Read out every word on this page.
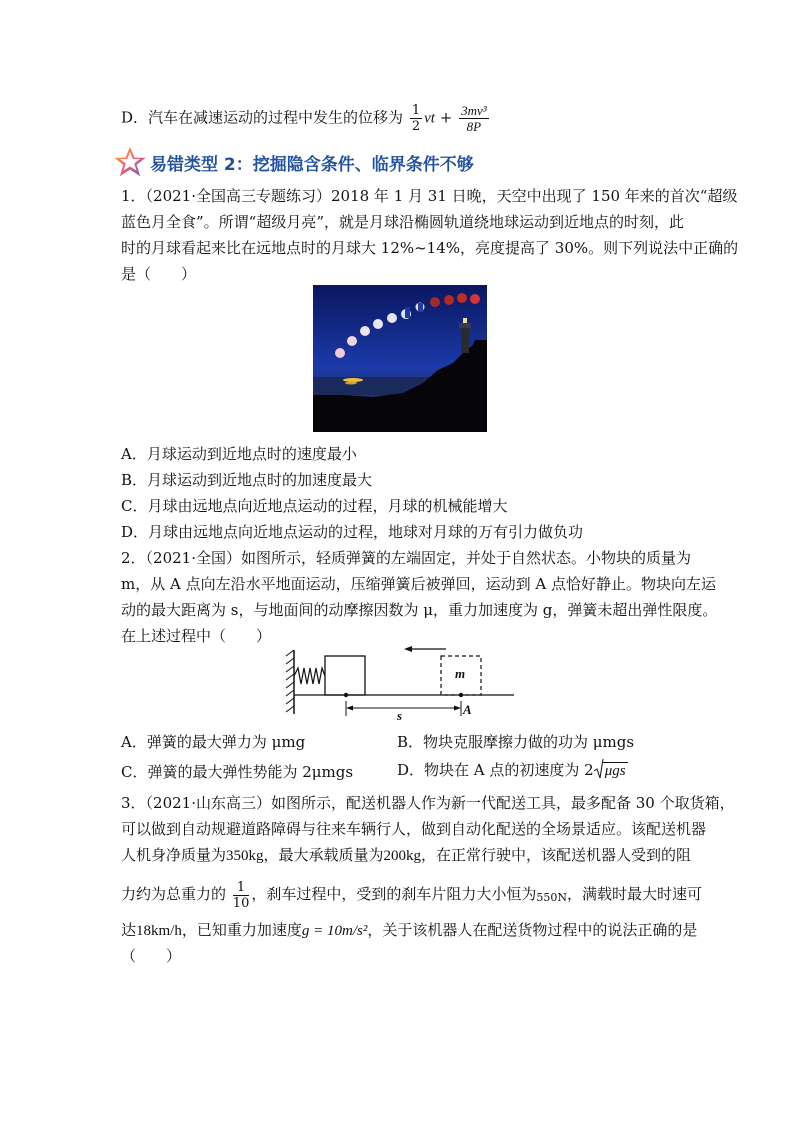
D．汽车在减速运动的过程中发生的位移为 $\frac{1}{2}$ vt + $\frac{\text{3mv³}}{8P}$
易错类型 2：挖掘隐含条件、临界条件不够
1．（2021·全国高三专题练习）2018 年 1 月 31 日晚，天空中出现了 150 年来的首次“超级
蓝色月全食”。所谓“超级月亮”，就是月球沿椭圆轨道绕地球运动到近地点的时刻，此
时的月球看起来比在远地点时的月球大 12%~14%，亮度提高了 30%。则下列说法中正确的
是（　　）
A．月球运动到近地点时的速度最小
B．月球运动到近地点时的加速度最大
C．月球由远地点向近地点运动的过程，月球的机械能增大
D．月球由远地点向近地点运动的过程，地球对月球的万有引力做负功
2．（2021·全国）如图所示，轻质弹簧的左端固定，并处于自然状态。小物块的质量为
m，从 A 点向左沿水平地面运动，压缩弹簧后被弹回，运动到 A 点恰好静止。物块向左运
动的最大距离为 s，与地面间的动摩擦因数为 μ，重力加速度为 g，弹簧未超出弹性限度。
在上述过程中（　　）
m
s	A
A．弹簧的最大弹力为 μmg	B．物块克服摩擦力做的功为 μmgs
C．弹簧的最大弹性势能为 2μmgs	D．物块在 A 点的初速度为 2 μgs
3．（2021·山东高三）如图所示，配送机器人作为新一代配送工具，最多配备 30 个取货箱，
可以做到自动规避道路障碍与往来车辆行人，做到自动化配送的全场景适应。该配送机器
人机身净质量为350kg，最大承载质量为200kg，在正常行驶中，该配送机器人受到的阻
力约为总重力的 $\frac{1}{10}$ ，刹车过程中，受到的刹车片阻力大小恒为550N，满载时最大时速可
达18km/h，已知重力加速度g = 10m/s²，关于该机器人在配送货物过程中的说法正确的是
（　　）
